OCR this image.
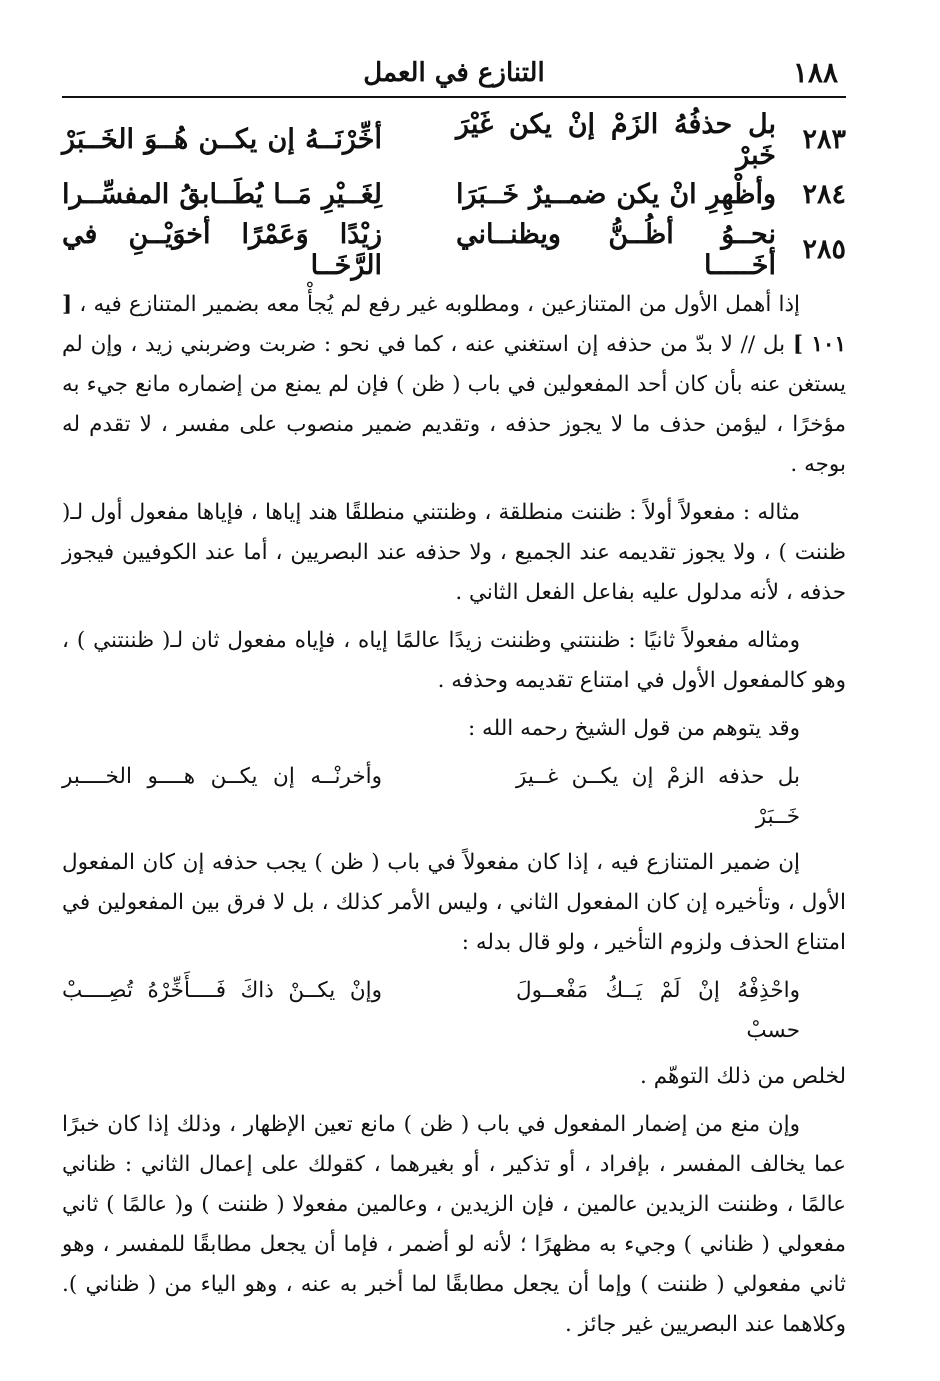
١٨٨
التنازع في العمل
٢٨٣
بل حذفُهُ الزَمْ إنْ يكن غَيْرَ خَبرْ
أخِّرْنَــهُ إن يكــن هُــوَ الخَــبَرْ
٢٨٤
وأظْهِرِ انْ يكن ضمــيرٌ خَــبَرَا
لِغَــيْرِ مَــا يُطَــابقُ المفسِّــرا
٢٨٥
نحــوُ أظُــنُّ ويظنــاني أخَـــــا
زيْدًا وَعَمْرًا أخوَيْــنِ في الرَّخَــا

إذا أهمل الأول من المتنازعين ، ومطلوبه غير رفع لم يُجأْ معه بضمير المتنازع فيه ، [ ١٠١ ] بل // لا بدّ من حذفه إن استغني عنه ، كما في نحو : ضربت وضربني زيد ، وإن لم يستغن عنه بأن كان أحد المفعولين في باب ( ظن ) فإن لم يمنع من إضماره مانع جيء به مؤخرًا ، ليؤمن حذف ما لا يجوز حذفه ، وتقديم ضمير منصوب على مفسر ، لا تقدم له بوجه .

مثاله : مفعولاً أولاً : ظننت منطلقة ، وظنتني منطلقًا هند إياها ، فإياها مفعول أول لـ( ظننت ) ، ولا يجوز تقديمه عند الجميع ، ولا حذفه عند البصريين ، أما عند الكوفيين فيجوز حذفه ، لأنه مدلول عليه بفاعل الفعل الثاني .

ومثاله مفعولاً ثانيًا : ظننتني وظننت زيدًا عالمًا إياه ، فإياه مفعول ثان لـ( ظننتني ) ، وهو كالمفعول الأول في امتناع تقديمه وحذفه .

وقد يتوهم من قول الشيخ رحمه الله :

بل حذفه الزمْ إن يكــن غــيرَ خَــبَرْ
وأخرنْــه إن يكــن هــــو الخــــبر

إن ضمير المتنازع فيه ، إذا كان مفعولاً في باب ( ظن ) يجب حذفه إن كان المفعول الأول ، وتأخيره إن كان المفعول الثاني ، وليس الأمر كذلك ، بل لا فرق بين المفعولين في امتناع الحذف ولزوم التأخير ، ولو قال بدله :

واحْذِفْهُ إنْ لَمْ يَــكُ مَفْعــولَ حسبْ
وإنْ يكــنْ ذاكَ فَــــأَخِّرْهُ تُصِــــبْ

لخلص من ذلك التوهّم .

وإن منع من إضمار المفعول في باب ( ظن ) مانع تعين الإظهار ، وذلك إذا كان خبرًا عما يخالف المفسر ، بإفراد ، أو تذكير ، أو بغيرهما ، كقولك على إعمال الثاني : ظناني عالمًا ، وظننت الزيدين عالمين ، فإن الزيدين ، وعالمين مفعولا ( ظننت ) و( عالمًا ) ثاني مفعولي ( ظناني ) وجيء به مظهرًا ؛ لأنه لو أضمر ، فإما أن يجعل مطابقًا للمفسر ، وهو ثاني مفعولي ( ظننت ) وإما أن يجعل مطابقًا لما أخبر به عنه ، وهو الياء من ( ظناني ). وكلاهما عند البصريين غير جائز .
